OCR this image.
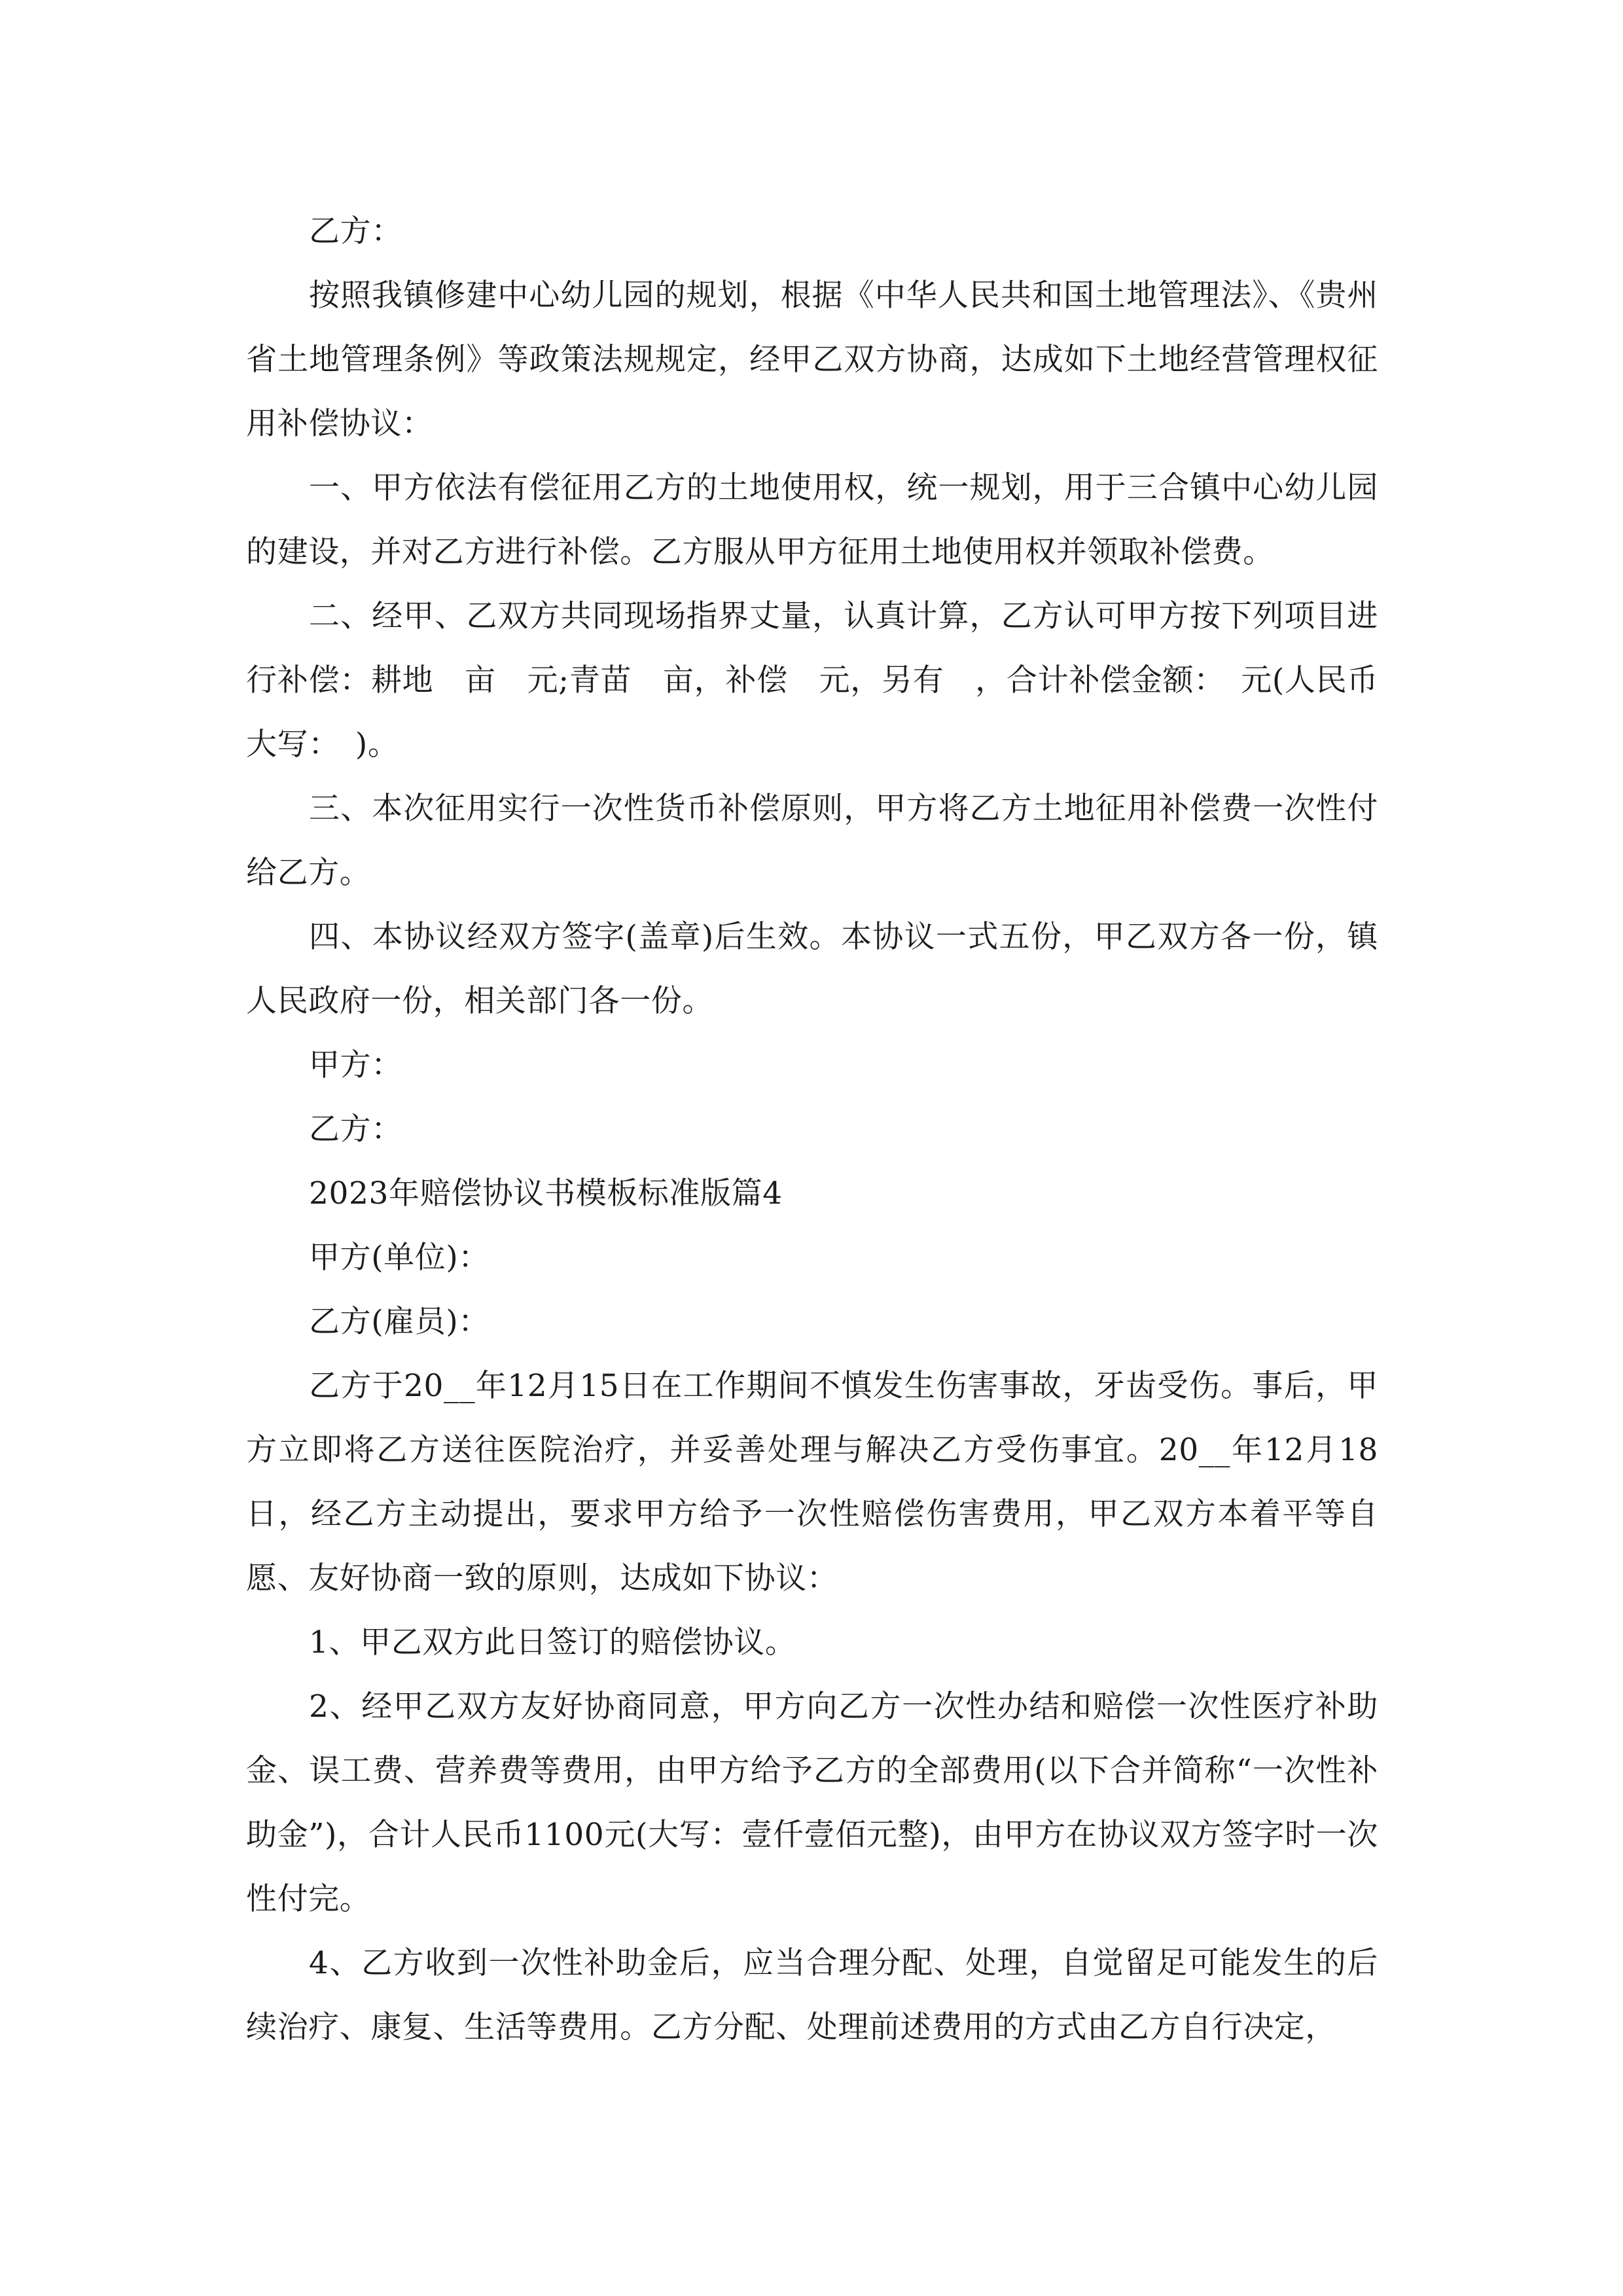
乙方：

按照我镇修建中心幼儿园的规划，根据《中华人民共和国土地管理法》、《贵州省土地管理条例》等政策法规规定，经甲乙双方协商，达成如下土地经营管理权征用补偿协议：

一、甲方依法有偿征用乙方的土地使用权，统一规划，用于三合镇中心幼儿园的建设，并对乙方进行补偿。乙方服从甲方征用土地使用权并领取补偿费。

二、经甲、乙双方共同现场指界丈量，认真计算，乙方认可甲方按下列项目进行补偿：耕地　亩　元;青苗　亩，补偿　元，另有　，合计补偿金额：　元(人民币大写：　)。

三、本次征用实行一次性货币补偿原则，甲方将乙方土地征用补偿费一次性付给乙方。

四、本协议经双方签字(盖章)后生效。本协议一式五份，甲乙双方各一份，镇人民政府一份，相关部门各一份。

甲方：

乙方：

2023年赔偿协议书模板标准版篇4

甲方(单位)：

乙方(雇员)：

乙方于20__年12月15日在工作期间不慎发生伤害事故，牙齿受伤。事后，甲方立即将乙方送往医院治疗，并妥善处理与解决乙方受伤事宜。20__年12月18日，经乙方主动提出，要求甲方给予一次性赔偿伤害费用，甲乙双方本着平等自愿、友好协商一致的原则，达成如下协议：

1、甲乙双方此日签订的赔偿协议。

2、经甲乙双方友好协商同意，甲方向乙方一次性办结和赔偿一次性医疗补助金、误工费、营养费等费用，由甲方给予乙方的全部费用(以下合并简称“一次性补助金”)，合计人民币1100元(大写：壹仟壹佰元整)，由甲方在协议双方签字时一次性付完。

4、乙方收到一次性补助金后，应当合理分配、处理，自觉留足可能发生的后续治疗、康复、生活等费用。乙方分配、处理前述费用的方式由乙方自行决定，
